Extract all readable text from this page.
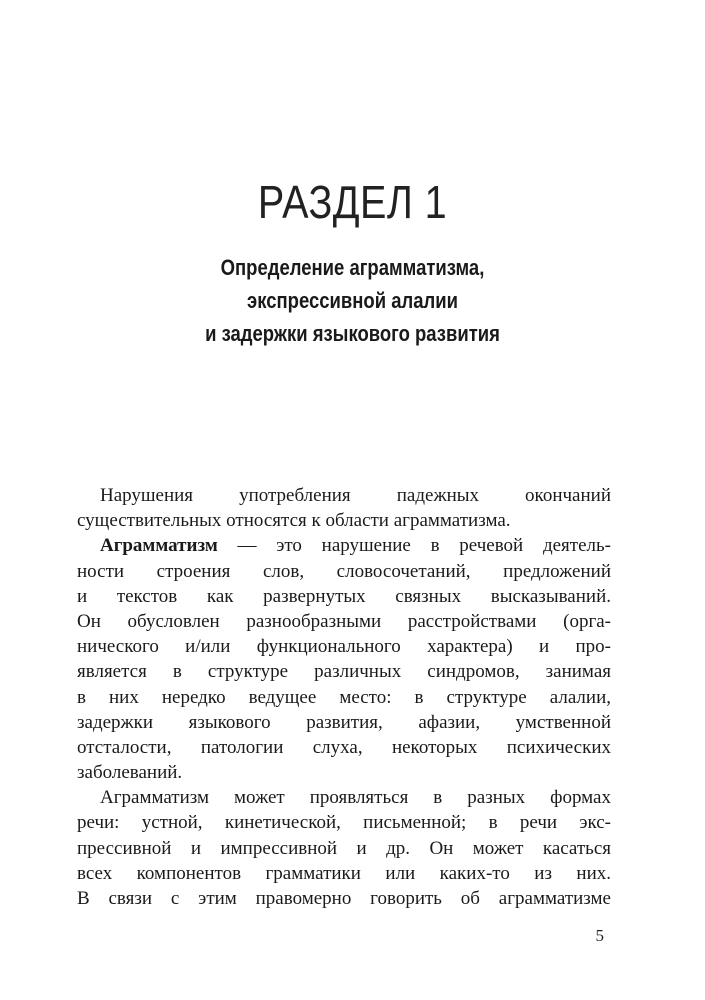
РАЗДЕЛ 1
Определение аграмматизма,
экспрессивной алалии
и задержки языкового развития
Нарушения употребления падежных окончаний
существительных относятся к области аграмматизма.
Аграмматизм — это нарушение в речевой деятель-
ности строения слов, словосочетаний, предложений
и текстов как развернутых связных высказываний.
Он обусловлен разнообразными расстройствами (орга-
нического и/или функционального характера) и про-
является в структуре различных синдромов, занимая
в них нередко ведущее место: в структуре алалии,
задержки языкового развития, афазии, умственной
отсталости, патологии слуха, некоторых психических
заболеваний.
Аграмматизм может проявляться в разных формах
речи: устной, кинетической, письменной; в речи экс-
прессивной и импрессивной и др. Он может касаться
всех компонентов грамматики или каких-то из них.
В связи с этим правомерно говорить об аграмматизме
5
